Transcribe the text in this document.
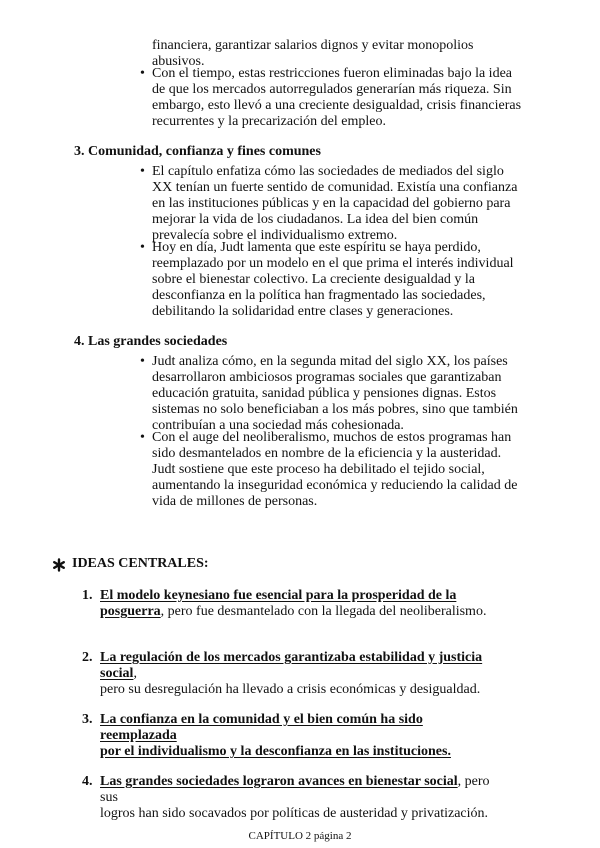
financiera, garantizar salarios dignos y evitar monopolios

abusivos.

• Con el tiempo, estas restricciones fueron eliminadas bajo la idea

de que los mercados autorregulados generarían más riqueza. Sin

embargo, esto llevó a una creciente desigualdad, crisis financieras

recurrentes y la precarización del empleo.

3. Comunidad, confianza y fines comunes
• El capítulo enfatiza cómo las sociedades de mediados del siglo

XX tenían un fuerte sentido de comunidad. Existía una confianza

en las instituciones públicas y en la capacidad del gobierno para

mejorar la vida de los ciudadanos. La idea del bien común

prevalecía sobre el individualismo extremo.

• Hoy en día, Judt lamenta que este espíritu se haya perdido,

reemplazado por un modelo en el que prima el interés individual

sobre el bienestar colectivo. La creciente desigualdad y la

desconfianza en la política han fragmentado las sociedades,

debilitando la solidaridad entre clases y generaciones.

4. Las grandes sociedades
• Judt analiza cómo, en la segunda mitad del siglo XX, los países

desarrollaron ambiciosos programas sociales que garantizaban

educación gratuita, sanidad pública y pensiones dignas. Estos

sistemas no solo beneficiaban a los más pobres, sino que también

contribuían a una sociedad más cohesionada.

• Con el auge del neoliberalismo, muchos de estos programas han

sido desmantelados en nombre de la eficiencia y la austeridad.

Judt sostiene que este proceso ha debilitado el tejido social,

aumentando la inseguridad económica y reduciendo la calidad de

vida de millones de personas.

IDEAS CENTRALES:
1. El modelo keynesiano fue esencial para la prosperidad de la
posguerra, pero fue desmantelado con la llegada del neoliberalismo.
2. La regulación de los mercados garantizaba estabilidad y justicia social,
pero su desregulación ha llevado a crisis económicas y desigualdad.
3. La confianza en la comunidad y el bien común ha sido reemplazada
por el individualismo y la desconfianza en las instituciones.
4. Las grandes sociedades lograron avances en bienestar social, pero sus
logros han sido socavados por políticas de austeridad y privatización.
CAPÍTULO 2 página 2
